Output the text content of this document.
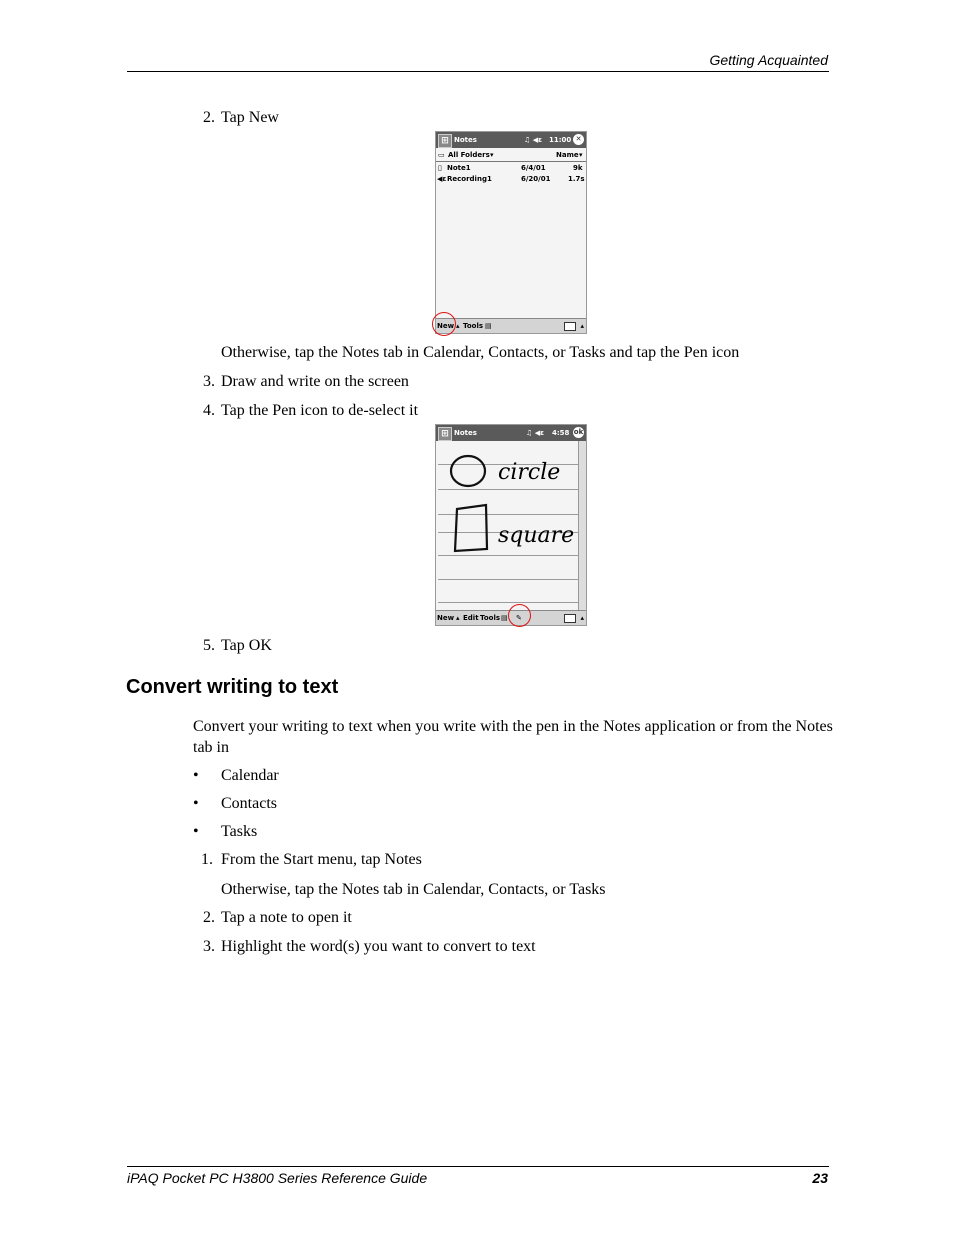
Getting Acquainted
2. Tap New
⊞ Notes	♫ ◀ε 11:00 ✕
▭ All Folders ▾	Name ▾
▯ Note1	6/4/01	9k
◀ε Recording1	6/20/01	1.7s
New ▴ Tools ▤	▴
Otherwise, tap the Notes tab in Calendar, Contacts, or Tasks and tap the Pen icon
3. Draw and write on the screen
4. Tap the Pen icon to de-select it
⊞ Notes	♫ ◀ε 4:58 ok
circle
square
New ▴ Edit Tools ▤ ✎	▴
5. Tap OK
Convert writing to text
Convert your writing to text when you write with the pen in the Notes application or from the Notes tab in
• Calendar
• Contacts
• Tasks
1. From the Start menu, tap Notes
Otherwise, tap the Notes tab in Calendar, Contacts, or Tasks
2. Tap a note to open it
3. Highlight the word(s) you want to convert to text
iPAQ Pocket PC H3800 Series Reference Guide	23
